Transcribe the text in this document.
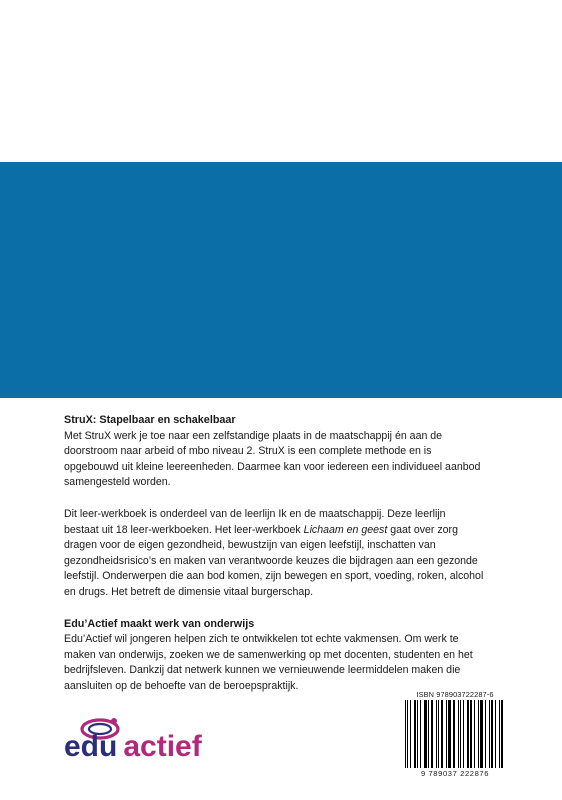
StruX: Stapelbaar en schakelbaar

Met StruX werk je toe naar een zelfstandige plaats in de maatschappij én aan de

doorstroom naar arbeid of mbo niveau 2. StruX is een complete methode en is

opgebouwd uit kleine leereenheden. Daarmee kan voor iedereen een individueel aanbod

samengesteld worden.

Dit leer-werkboek is onderdeel van de leerlijn Ik en de maatschappij. Deze leerlijn

bestaat uit 18 leer-werkboeken. Het leer-werkboek Lichaam en geest gaat over zorg

dragen voor de eigen gezondheid, bewustzijn van eigen leefstijl, inschatten van

gezondheidsrisico’s en maken van verantwoorde keuzes die bijdragen aan een gezonde

leefstijl. Onderwerpen die aan bod komen, zijn bewegen en sport, voeding, roken, alcohol

en drugs. Het betreft de dimensie vitaal burgerschap.

Edu’Actief maakt werk van onderwijs

Edu’Actief wil jongeren helpen zich te ontwikkelen tot echte vakmensen. Om werk te

maken van onderwijs, zoeken we de samenwerking op met docenten, studenten en het

bedrijfsleven. Dankzij dat netwerk kunnen we vernieuwende leermiddelen maken die

aansluiten op de behoefte van de beroepspraktijk.

edu actief
ISBN 978903722287-6
9 789037 222876
